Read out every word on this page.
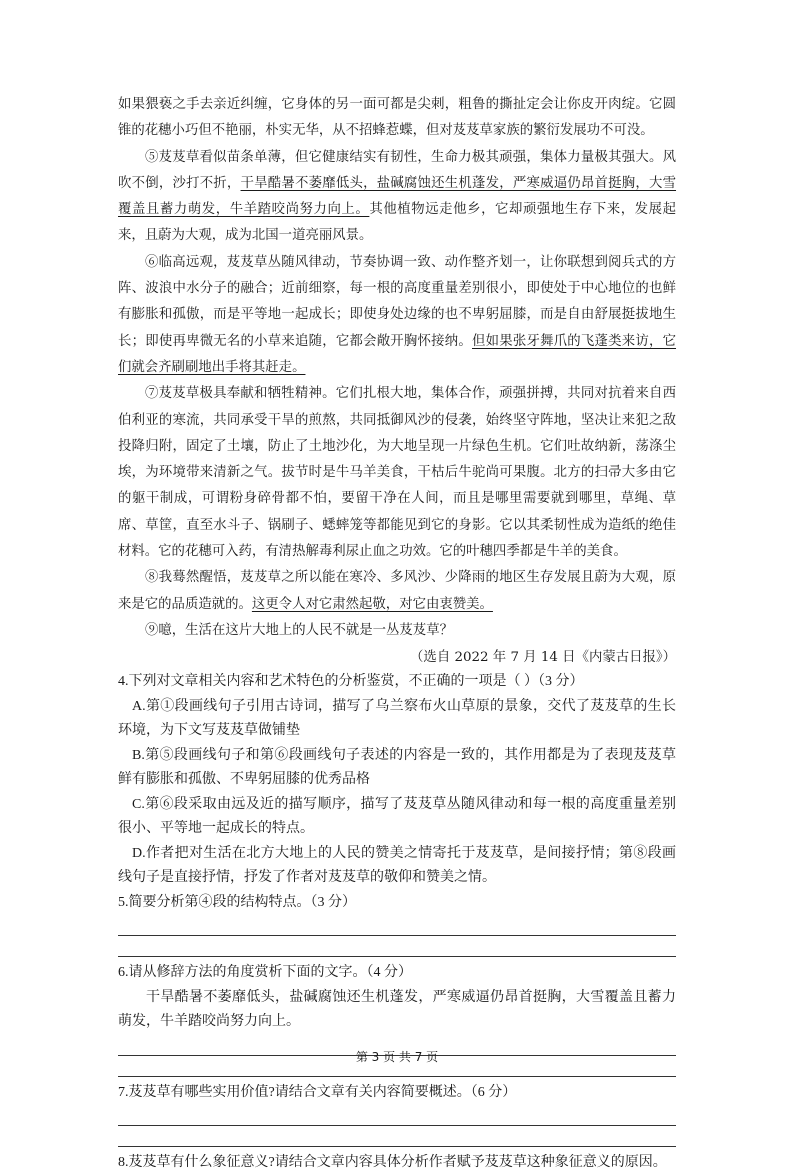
如果猥亵之手去亲近纠缠，它身体的另一面可都是尖刺，粗鲁的撕扯定会让你皮开肉绽。它圆锥的花穗小巧但不艳丽，朴实无华，从不招蜂惹蝶，但对芨芨草家族的繁衍发展功不可没。

⑤芨芨草看似苗条单薄，但它健康结实有韧性，生命力极其顽强，集体力量极其强大。风吹不倒，沙打不折，干旱酷暑不萎靡低头，盐碱腐蚀还生机蓬发，严寒威逼仍昂首挺胸，大雪覆盖且蓄力萌发，牛羊踏咬尚努力向上。其他植物远走他乡，它却顽强地生存下来，发展起来，且蔚为大观，成为北国一道亮丽风景。

⑥临高远观，芨芨草丛随风律动，节奏协调一致、动作整齐划一，让你联想到阅兵式的方阵、波浪中水分子的融合；近前细察，每一根的高度重量差别很小，即使处于中心地位的也鲜有膨胀和孤傲，而是平等地一起成长；即使身处边缘的也不卑躬屈膝，而是自由舒展挺拔地生长；即使再卑微无名的小草来追随，它都会敞开胸怀接纳。但如果张牙舞爪的飞蓬类来访，它们就会齐刷刷地出手将其赶走。

⑦芨芨草极具奉献和牺牲精神。它们扎根大地，集体合作，顽强拼搏，共同对抗着来自西伯利亚的寒流，共同承受干旱的煎熬，共同抵御风沙的侵袭，始终坚守阵地，坚决让来犯之敌投降归附，固定了土壤，防止了土地沙化，为大地呈现一片绿色生机。它们吐故纳新，荡涤尘埃，为环境带来清新之气。拔节时是牛马羊美食，干枯后牛驼尚可果腹。北方的扫帚大多由它的躯干制成，可谓粉身碎骨都不怕，要留干净在人间，而且是哪里需要就到哪里，草绳、草席、草筐，直至水斗子、锅刷子、蟋蟀笼等都能见到它的身影。它以其柔韧性成为造纸的绝佳材料。它的花穗可入药，有清热解毒利尿止血之功效。它的叶穗四季都是牛羊的美食。

⑧我蓦然醒悟，芨芨草之所以能在寒冷、多风沙、少降雨的地区生存发展且蔚为大观，原来是它的品质造就的。这更令人对它肃然起敬，对它由衷赞美。

⑨噫，生活在这片大地上的人民不就是一丛芨芨草？

（选自 2022 年 7 月 14 日《内蒙古日报》）

4.下列对文章相关内容和艺术特色的分析鉴赏，不正确的一项是（ ）（3 分）

A.第①段画线句子引用古诗词，描写了乌兰察布火山草原的景象，交代了芨芨草的生长环境，为下文写芨芨草做铺垫

B.第⑤段画线句子和第⑥段画线句子表述的内容是一致的，其作用都是为了表现芨芨草鲜有膨胀和孤傲、不卑躬屈膝的优秀品格

C.第⑥段采取由远及近的描写顺序，描写了芨芨草丛随风律动和每一根的高度重量差别很小、平等地一起成长的特点。

D.作者把对生活在北方大地上的人民的赞美之情寄托于芨芨草，是间接抒情；第⑧段画线句子是直接抒情，抒发了作者对芨芨草的敬仰和赞美之情。

5.简要分析第④段的结构特点。（3 分）

6.请从修辞方法的角度赏析下面的文字。（4 分）

干旱酷暑不萎靡低头，盐碱腐蚀还生机蓬发，严寒威逼仍昂首挺胸，大雪覆盖且蓄力萌发，牛羊踏咬尚努力向上。

7.芨芨草有哪些实用价值?请结合文章有关内容简要概述。（6 分）

8.芨芨草有什么象征意义?请结合文章内容具体分析作者赋予芨芨草这种象征意义的原因。

第 3 页 共 7 页
